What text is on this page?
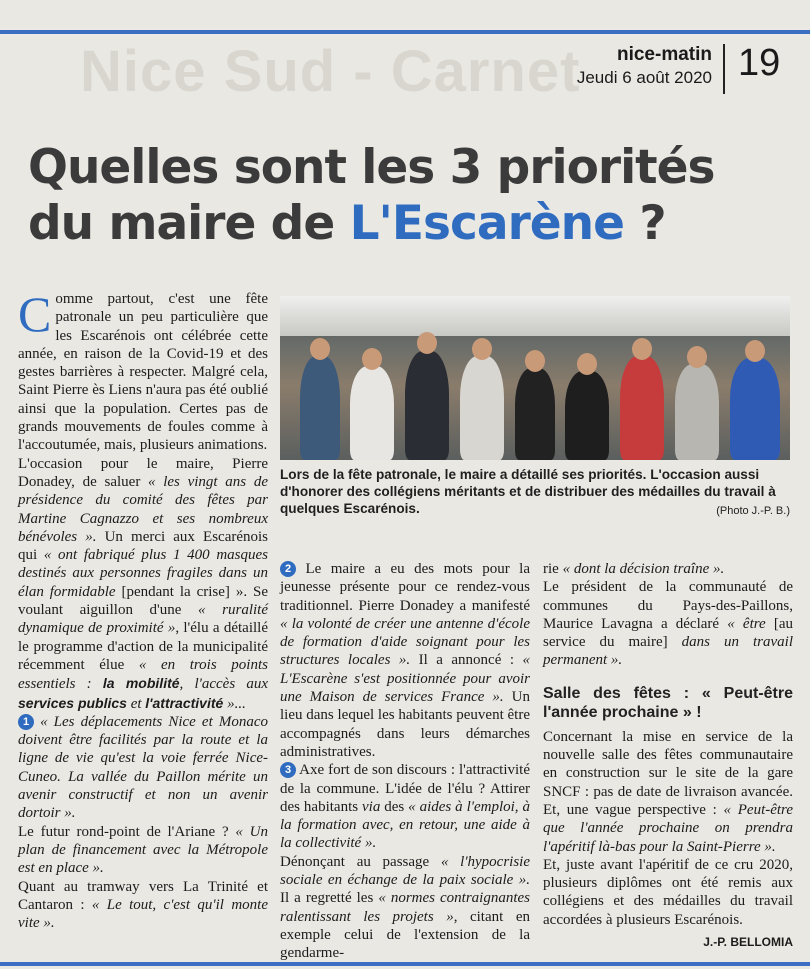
Nice Sud - Carnet	nice-matin
Jeudi 6 août 2020 19
Quelles sont les 3 priorités
du maire de L'Escarène ?
Lors de la fête patronale, le maire a détaillé ses priorités. L'occasion aussi d'honorer des collégiens méritants et de distribuer des médailles du travail à quelques Escarénois.	(Photo J.-P. B.)

Comme partout, c'est une fête patronale un peu particulière que les Escarénois ont célébrée cette année, en raison de la Covid-19 et des gestes barrières à respecter. Malgré cela, Saint Pierre ès Liens n'aura pas été oublié ainsi que la population. Certes pas de grands mouvements de foules comme à l'accoutumée, mais, plusieurs animations.

L'occasion pour le maire, Pierre Donadey, de saluer « les vingt ans de présidence du comité des fêtes par Martine Cagnazzo et ses nombreux bénévoles ». Un merci aux Escarénois qui « ont fabriqué plus 1 400 masques destinés aux personnes fragiles dans un élan formidable [pendant la crise] ». Se voulant aiguillon d'une « ruralité dynamique de proximité », l'élu a détaillé le programme d'action de la municipalité récemment élue « en trois points essentiels : la mobilité, l'accès aux services publics et l'attractivité »...

1 « Les déplacements Nice et Monaco doivent être facilités par la route et la ligne de vie qu'est la voie ferrée Nice-Cuneo. La vallée du Paillon mérite un avenir constructif et non un avenir dortoir ».

Le futur rond-point de l'Ariane ? « Un plan de financement avec la Métropole est en place ».

Quant au tramway vers La Trinité et Cantaron : « Le tout, c'est qu'il monte vite ».

2 Le maire a eu des mots pour la jeunesse présente pour ce rendez-vous traditionnel. Pierre Donadey a manifesté « la volonté de créer une antenne d'école de formation d'aide soignant pour les structures locales ». Il a annoncé : « L'Escarène s'est positionnée pour avoir une Maison de services France ». Un lieu dans lequel les habitants peuvent être accompagnés dans leurs démarches administratives.

3 Axe fort de son discours : l'attractivité de la commune. L'idée de l'élu ? Attirer des habitants via des « aides à l'emploi, à la formation avec, en retour, une aide à la collectivité ».

Dénonçant au passage « l'hypocrisie sociale en échange de la paix sociale ». Il a regretté les « normes contraignantes ralentissant les projets », citant en exemple celui de l'extension de la gendarme-

rie « dont la décision traîne ».

Le président de la communauté de communes du Pays-des-Paillons, Maurice Lavagna a déclaré « être [au service du maire] dans un travail permanent ».

Salle des fêtes : « Peut-être l'année prochaine » !

Concernant la mise en service de la nouvelle salle des fêtes communautaire en construction sur le site de la gare SNCF : pas de date de livraison avancée. Et, une vague perspective : « Peut-être que l'année prochaine on prendra l'apéritif là-bas pour la Saint-Pierre ».

Et, juste avant l'apéritif de ce cru 2020, plusieurs diplômes ont été remis aux collégiens et des médailles du travail accordées à plusieurs Escarénois.

J.-P. BELLOMIA
